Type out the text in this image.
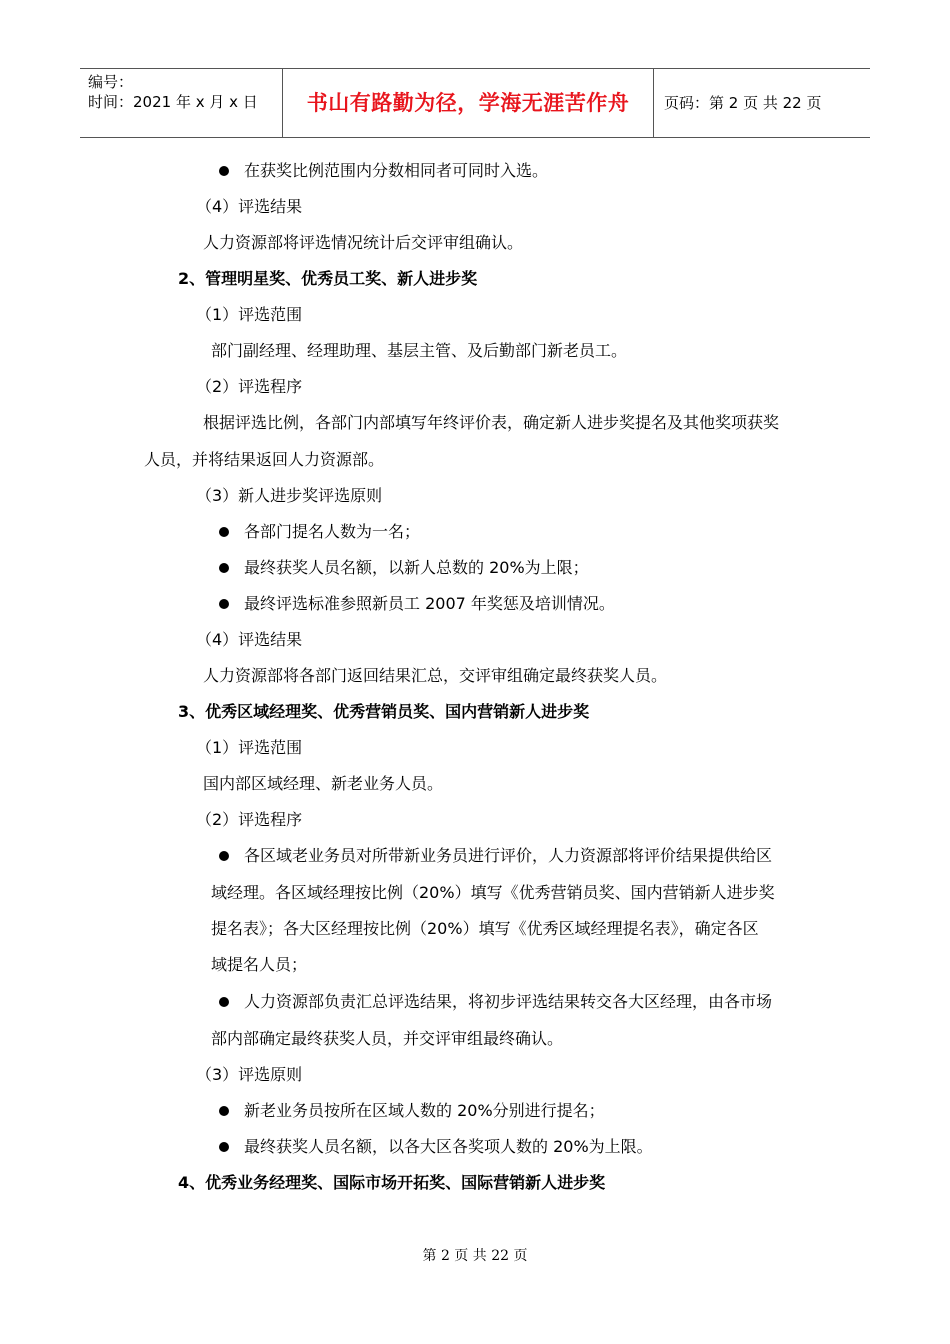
编号：
时间：2021 年 x 月 x 日	书山有路勤为径，学海无涯苦作舟	页码：第 2 页 共 22 页
在获奖比例范围内分数相同者可同时入选。
（4）评选结果
人力资源部将评选情况统计后交评审组确认。
2、管理明星奖、优秀员工奖、新人进步奖
（1）评选范围
部门副经理、经理助理、基层主管、及后勤部门新老员工。
（2）评选程序
根据评选比例，各部门内部填写年终评价表，确定新人进步奖提名及其他奖项获奖
人员，并将结果返回人力资源部。
（3）新人进步奖评选原则
各部门提名人数为一名；
最终获奖人员名额，以新人总数的 20%为上限；
最终评选标准参照新员工 2007 年奖惩及培训情况。
（4）评选结果
人力资源部将各部门返回结果汇总，交评审组确定最终获奖人员。
3、优秀区域经理奖、优秀营销员奖、国内营销新人进步奖
（1）评选范围
国内部区域经理、新老业务人员。
（2）评选程序
各区域老业务员对所带新业务员进行评价，人力资源部将评价结果提供给区
域经理。各区域经理按比例（20%）填写《优秀营销员奖、国内营销新人进步奖
提名表》；各大区经理按比例（20%）填写《优秀区域经理提名表》，确定各区
域提名人员；
人力资源部负责汇总评选结果，将初步评选结果转交各大区经理，由各市场
部内部确定最终获奖人员，并交评审组最终确认。
（3）评选原则
新老业务员按所在区域人数的 20%分别进行提名；
最终获奖人员名额，以各大区各奖项人数的 20%为上限。
4、优秀业务经理奖、国际市场开拓奖、国际营销新人进步奖
第 2 页 共 22 页
